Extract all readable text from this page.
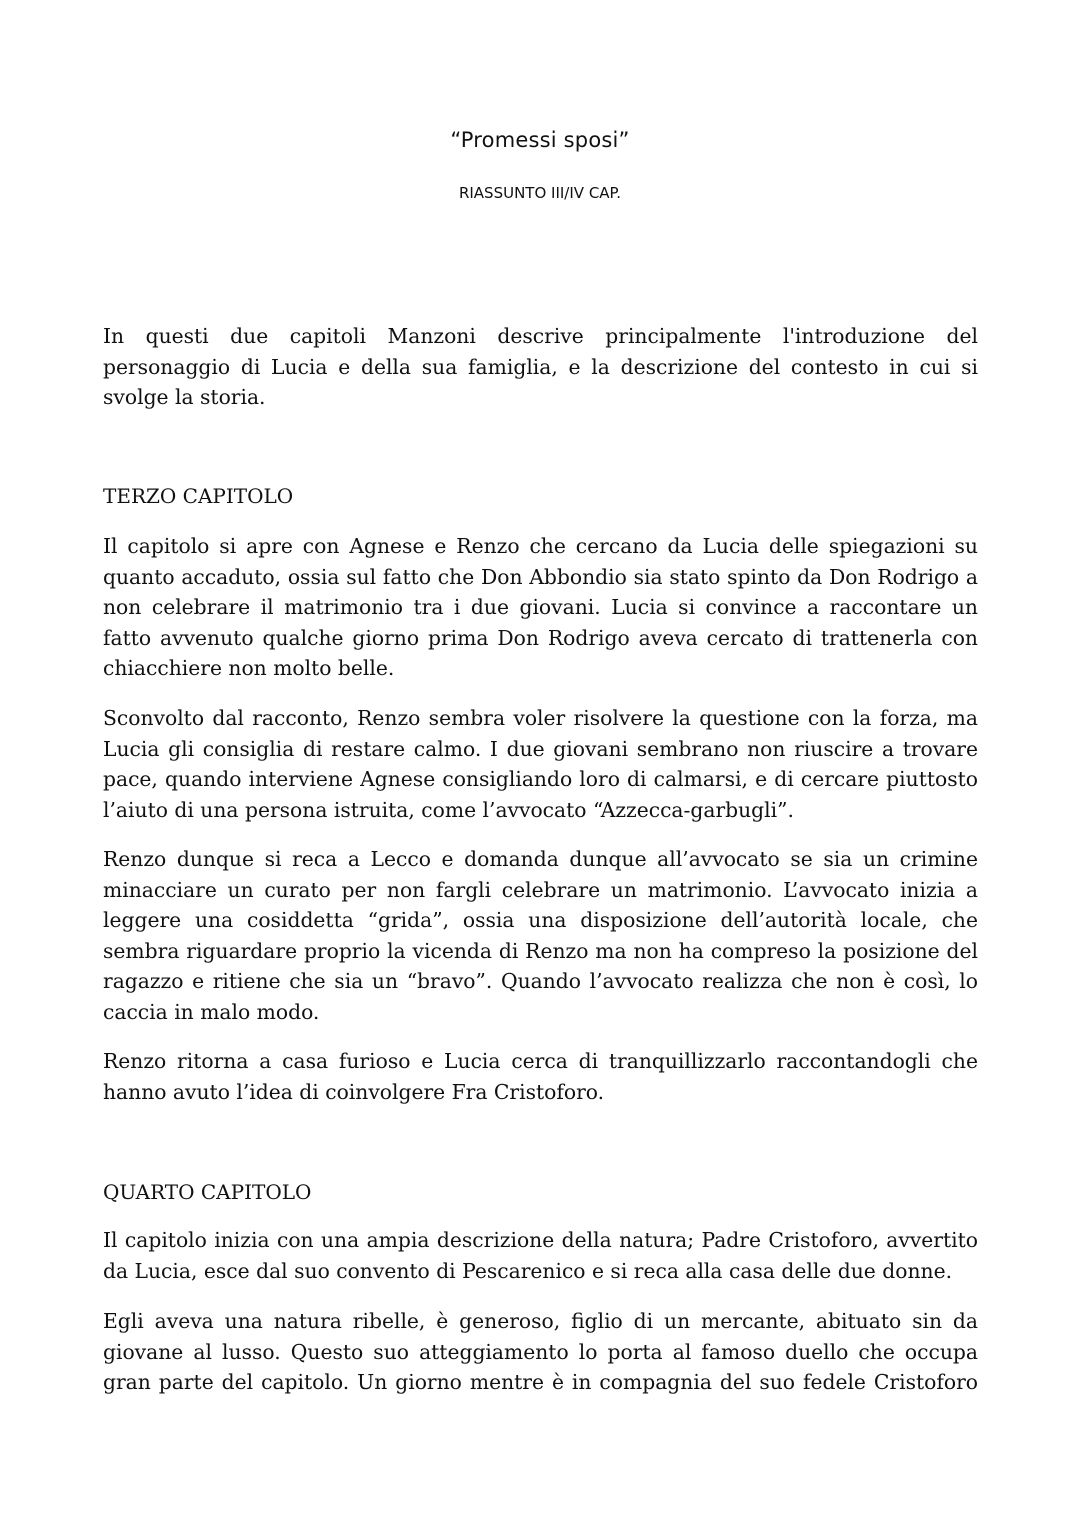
“Promessi sposi”
RIASSUNTO III/IV CAP.

In questi due capitoli Manzoni descrive principalmente l'introduzione del personaggio di Lucia e della sua famiglia, e la descrizione del contesto in cui si svolge la storia.

TERZO CAPITOLO

Il capitolo si apre con Agnese e Renzo che cercano da Lucia delle spiegazioni su quanto accaduto, ossia sul fatto che Don Abbondio sia stato spinto da Don Rodrigo a non celebrare il matrimonio tra i due giovani. Lucia si convince a raccontare un fatto avvenuto qualche giorno prima Don Rodrigo aveva cercato di trattenerla con chiacchiere non molto belle.

Sconvolto dal racconto, Renzo sembra voler risolvere la questione con la forza, ma Lucia gli consiglia di restare calmo. I due giovani sembrano non riuscire a trovare pace, quando interviene Agnese consigliando loro di calmarsi, e di cercare piuttosto l’aiuto di una persona istruita, come l’avvocato “Azzecca-garbugli”.

Renzo dunque si reca a Lecco e domanda dunque all’avvocato se sia un crimine minacciare un curato per non fargli celebrare un matrimonio. L’avvocato inizia a leggere una cosiddetta “grida”, ossia una disposizione dell’autorità locale, che sembra riguardare proprio la vicenda di Renzo ma non ha compreso la posizione del ragazzo e ritiene che sia un “bravo”. Quando l’avvocato realizza che non è così, lo caccia in malo modo.

Renzo ritorna a casa furioso e Lucia cerca di tranquillizzarlo raccontandogli che hanno avuto l’idea di coinvolgere Fra Cristoforo.

QUARTO CAPITOLO

Il capitolo inizia con una ampia descrizione della natura; Padre Cristoforo, avvertito da Lucia, esce dal suo convento di Pescarenico e si reca alla casa delle due donne.

Egli aveva una natura ribelle, è generoso, figlio di un mercante, abituato sin da giovane al lusso. Questo suo atteggiamento lo porta al famoso duello che occupa gran parte del capitolo. Un giorno mentre è in compagnia del suo fedele Cristoforo
